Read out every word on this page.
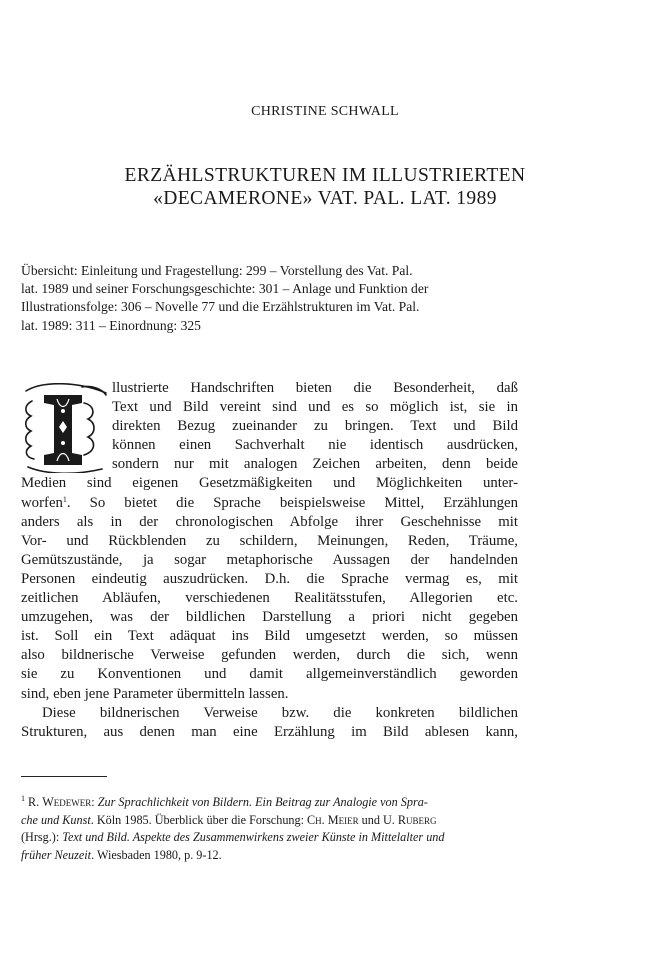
CHRISTINE SCHWALL
ERZÄHLSTRUKTUREN IM ILLUSTRIERTEN
«DECAMERONE» VAT. PAL. LAT. 1989
Übersicht: Einleitung und Fragestellung: 299 – Vorstellung des Vat. Pal.
lat. 1989 und seiner Forschungsgeschichte: 301 – Anlage und Funktion der
Illustrationsfolge: 306 – Novelle 77 und die Erzählstrukturen im Vat. Pal.
lat. 1989: 311 – Einordnung: 325
llustrierte Handschriften bieten die Besonderheit, daß
Text und Bild vereint sind und es so möglich ist, sie in
direkten Bezug zueinander zu bringen. Text und Bild
können einen Sachverhalt nie identisch ausdrücken,
sondern nur mit analogen Zeichen arbeiten, denn beide
Medien sind eigenen Gesetzmäßigkeiten und Möglichkeiten unter-
worfen$^1$. So bietet die Sprache beispielsweise Mittel, Erzählungen
anders als in der chronologischen Abfolge ihrer Geschehnisse mit
Vor- und Rückblenden zu schildern, Meinungen, Reden, Träume,
Gemütszustände, ja sogar metaphorische Aussagen der handelnden
Personen eindeutig auszudrücken. D.h. die Sprache vermag es, mit
zeitlichen Abläufen, verschiedenen Realitätsstufen, Allegorien etc.
umzugehen, was der bildlichen Darstellung a priori nicht gegeben
ist. Soll ein Text adäquat ins Bild umgesetzt werden, so müssen
also bildnerische Verweise gefunden werden, durch die sich, wenn
sie zu Konventionen und damit allgemeinverständlich geworden
sind, eben jene Parameter übermitteln lassen.
Diese bildnerischen Verweise bzw. die konkreten bildlichen
Strukturen, aus denen man eine Erzählung im Bild ablesen kann,
$^1$ R. Wedewer: Zur Sprachlichkeit von Bildern. Ein Beitrag zur Analogie von Spra-
che und Kunst. Köln 1985. Überblick über die Forschung: Ch. Meier und U. Ruberg
(Hrsg.): Text und Bild. Aspekte des Zusammenwirkens zweier Künste in Mittelalter und
früher Neuzeit. Wiesbaden 1980, p. 9-12.
